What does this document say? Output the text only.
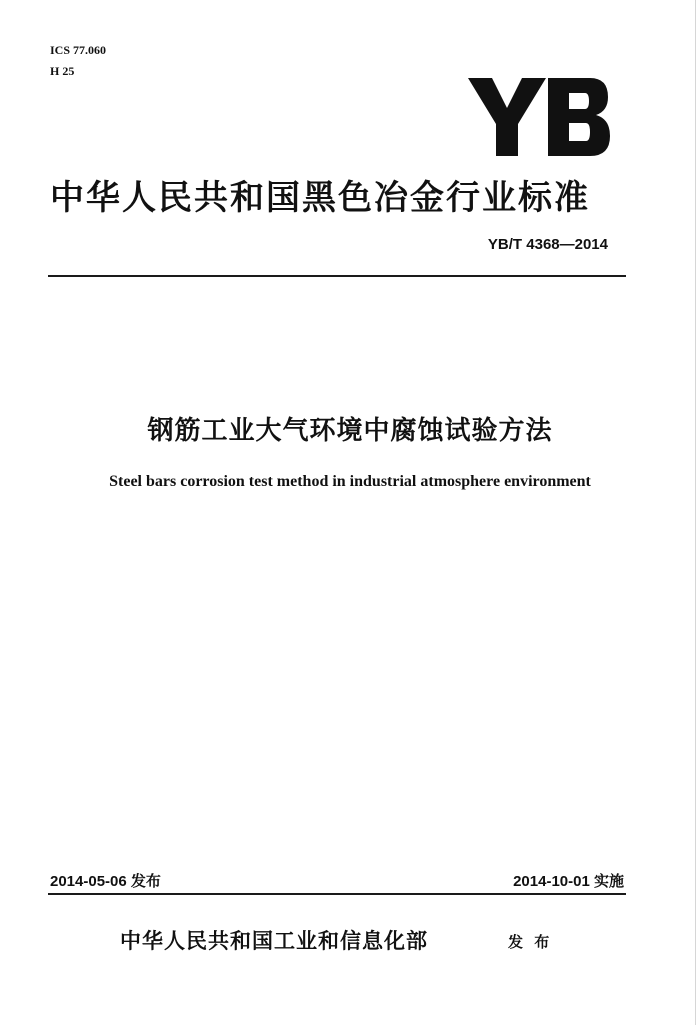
ICS 77.060
H 25
中华人民共和国黑色冶金行业标准
YB/T 4368—2014
钢筋工业大气环境中腐蚀试验方法
Steel bars corrosion test method in industrial atmosphere environment
2014-05-06 发布	2014-10-01 实施
中华人民共和国工业和信息化部	发 布
